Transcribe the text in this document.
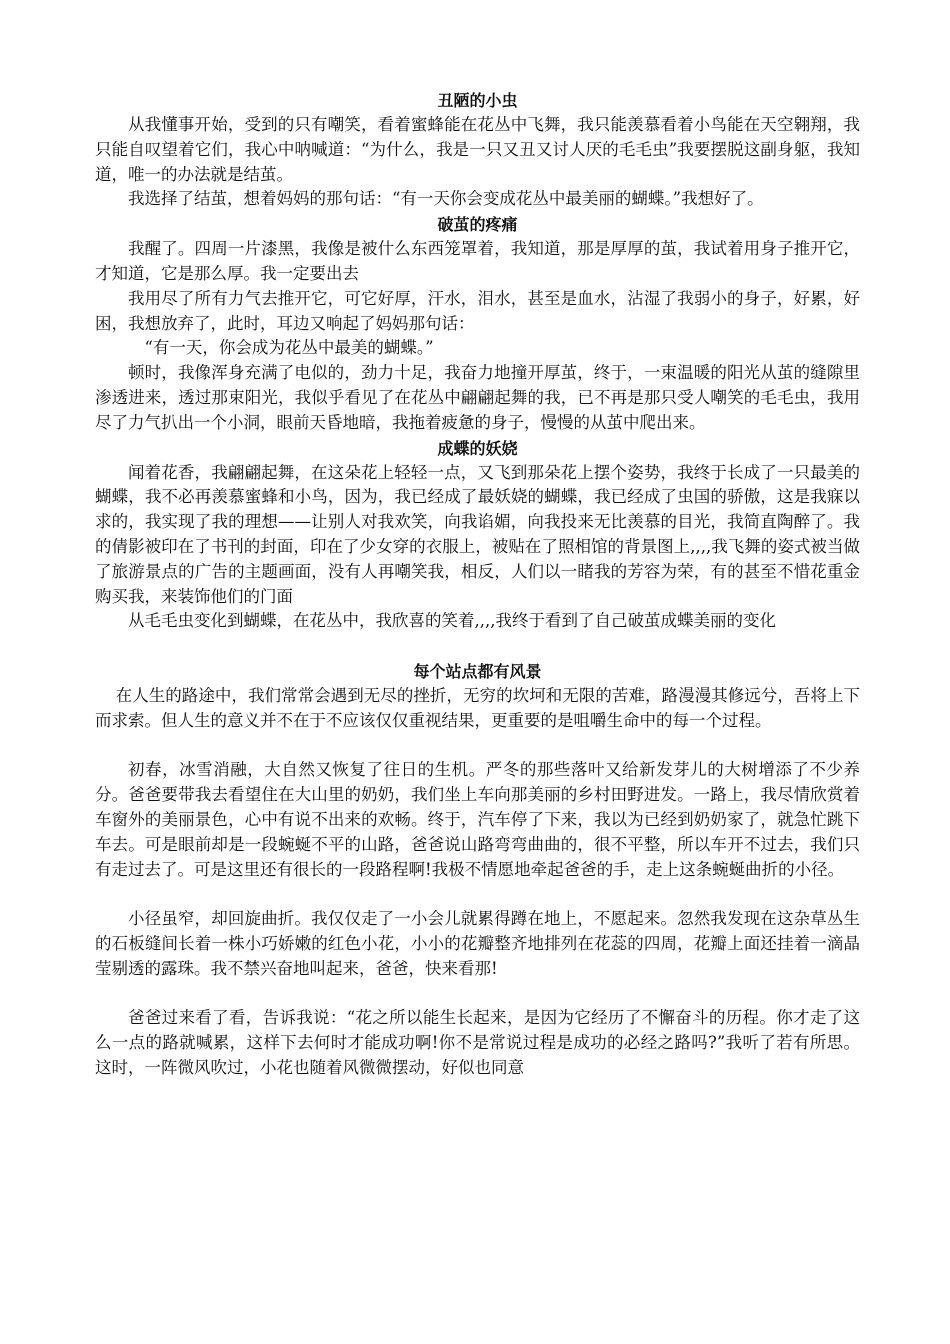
丑陋的小虫

从我懂事开始，受到的只有嘲笑，看着蜜蜂能在花丛中飞舞，我只能羡慕看着小鸟能在天空翱翔，我只能自叹望着它们，我心中呐喊道：“为什么，我是一只又丑又讨人厌的毛毛虫”我要摆脱这副身躯，我知道，唯一的办法就是结茧。

我选择了结茧，想着妈妈的那句话：“有一天你会变成花丛中最美丽的蝴蝶。”我想好了。

破茧的疼痛

我醒了。四周一片漆黑，我像是被什么东西笼罩着，我知道，那是厚厚的茧，我试着用身子推开它，才知道，它是那么厚。我一定要出去

我用尽了所有力气去推开它，可它好厚，汗水，泪水，甚至是血水，沾湿了我弱小的身子，好累，好困，我想放弃了，此时，耳边又响起了妈妈那句话：

“有一天，你会成为花丛中最美的蝴蝶。”

顿时，我像浑身充满了电似的，劲力十足，我奋力地撞开厚茧，终于，一束温暖的阳光从茧的缝隙里渗透进来，透过那束阳光，我似乎看见了在花丛中翩翩起舞的我，已不再是那只受人嘲笑的毛毛虫，我用尽了力气扒出一个小洞，眼前天昏地暗，我拖着疲惫的身子，慢慢的从茧中爬出来。

成蝶的妖娆

闻着花香，我翩翩起舞，在这朵花上轻轻一点，又飞到那朵花上摆个姿势，我终于长成了一只最美的蝴蝶，我不必再羡慕蜜蜂和小鸟，因为，我已经成了最妖娆的蝴蝶，我已经成了虫国的骄傲，这是我寐以求的，我实现了我的理想——让别人对我欢笑，向我谄媚，向我投来无比羡慕的目光，我简直陶醉了。我的倩影被印在了书刊的封面，印在了少女穿的衣服上，被贴在了照相馆的背景图上,,,,我飞舞的姿式被当做了旅游景点的广告的主题画面，没有人再嘲笑我，相反，人们以一睹我的芳容为荣，有的甚至不惜花重金购买我，来装饰他们的门面

从毛毛虫变化到蝴蝶，在花丛中，我欣喜的笑着,,,,我终于看到了自己破茧成蝶美丽的变化

每个站点都有风景

在人生的路途中，我们常常会遇到无尽的挫折，无穷的坎坷和无限的苦难，路漫漫其修远兮，吾将上下而求索。但人生的意义并不在于不应该仅仅重视结果，更重要的是咀嚼生命中的每一个过程。

初春，冰雪消融，大自然又恢复了往日的生机。严冬的那些落叶又给新发芽儿的大树增添了不少养分。爸爸要带我去看望住在大山里的奶奶，我们坐上车向那美丽的乡村田野进发。一路上，我尽情欣赏着车窗外的美丽景色，心中有说不出来的欢畅。终于，汽车停了下来，我以为已经到奶奶家了，就急忙跳下车去。可是眼前却是一段蜿蜒不平的山路，爸爸说山路弯弯曲曲的，很不平整，所以车开不过去，我们只有走过去了。可是这里还有很长的一段路程啊!我极不情愿地牵起爸爸的手，走上这条蜿蜒曲折的小径。

小径虽窄，却回旋曲折。我仅仅走了一小会儿就累得蹲在地上，不愿起来。忽然我发现在这杂草丛生的石板缝间长着一株小巧娇嫩的红色小花，小小的花瓣整齐地排列在花蕊的四周，花瓣上面还挂着一滴晶莹剔透的露珠。我不禁兴奋地叫起来，爸爸，快来看那!

爸爸过来看了看，告诉我说：“花之所以能生长起来，是因为它经历了不懈奋斗的历程。你才走了这么一点的路就喊累，这样下去何时才能成功啊!你不是常说过程是成功的必经之路吗?”我听了若有所思。这时，一阵微风吹过，小花也随着风微微摆动，好似也同意
